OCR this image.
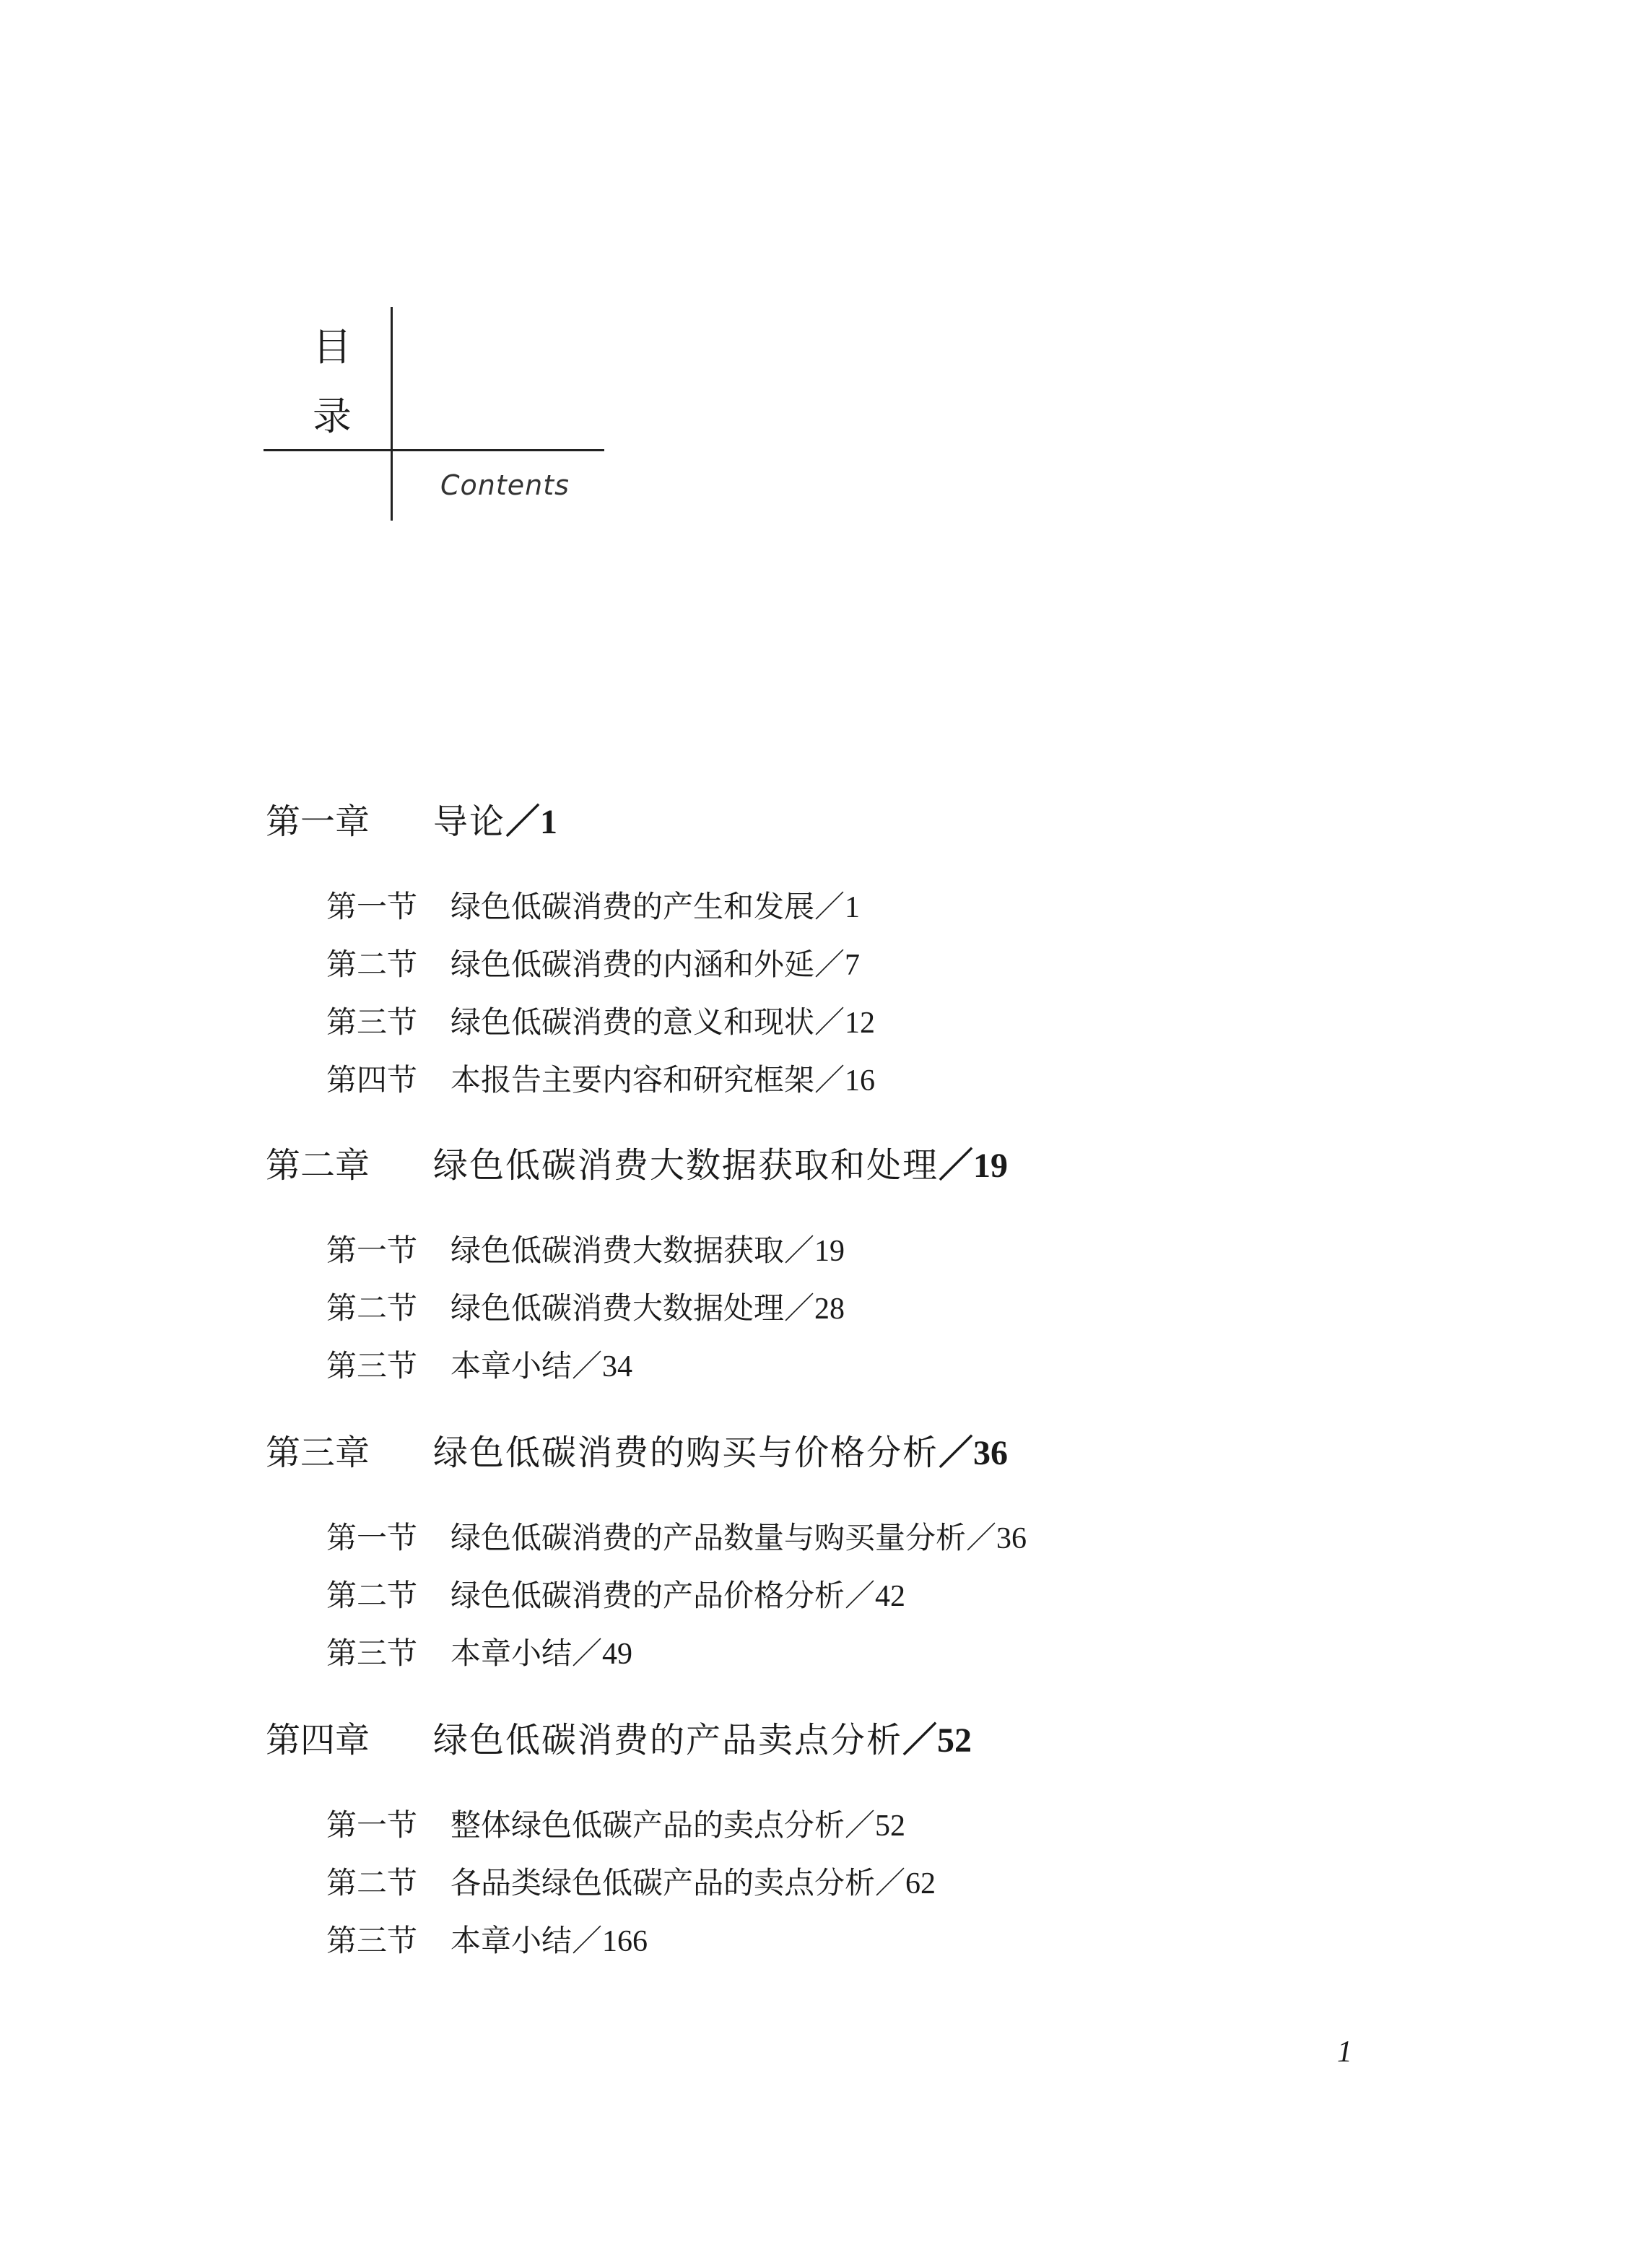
目
录
Contents
第一章 导论／1
第一节 绿色低碳消费的产生和发展／1
第二节 绿色低碳消费的内涵和外延／7
第三节 绿色低碳消费的意义和现状／12
第四节 本报告主要内容和研究框架／16
第二章 绿色低碳消费大数据获取和处理／19
第一节 绿色低碳消费大数据获取／19
第二节 绿色低碳消费大数据处理／28
第三节 本章小结／34
第三章 绿色低碳消费的购买与价格分析／36
第一节 绿色低碳消费的产品数量与购买量分析／36
第二节 绿色低碳消费的产品价格分析／42
第三节 本章小结／49
第四章 绿色低碳消费的产品卖点分析／52
第一节 整体绿色低碳产品的卖点分析／52
第二节 各品类绿色低碳产品的卖点分析／62
第三节 本章小结／166
1
